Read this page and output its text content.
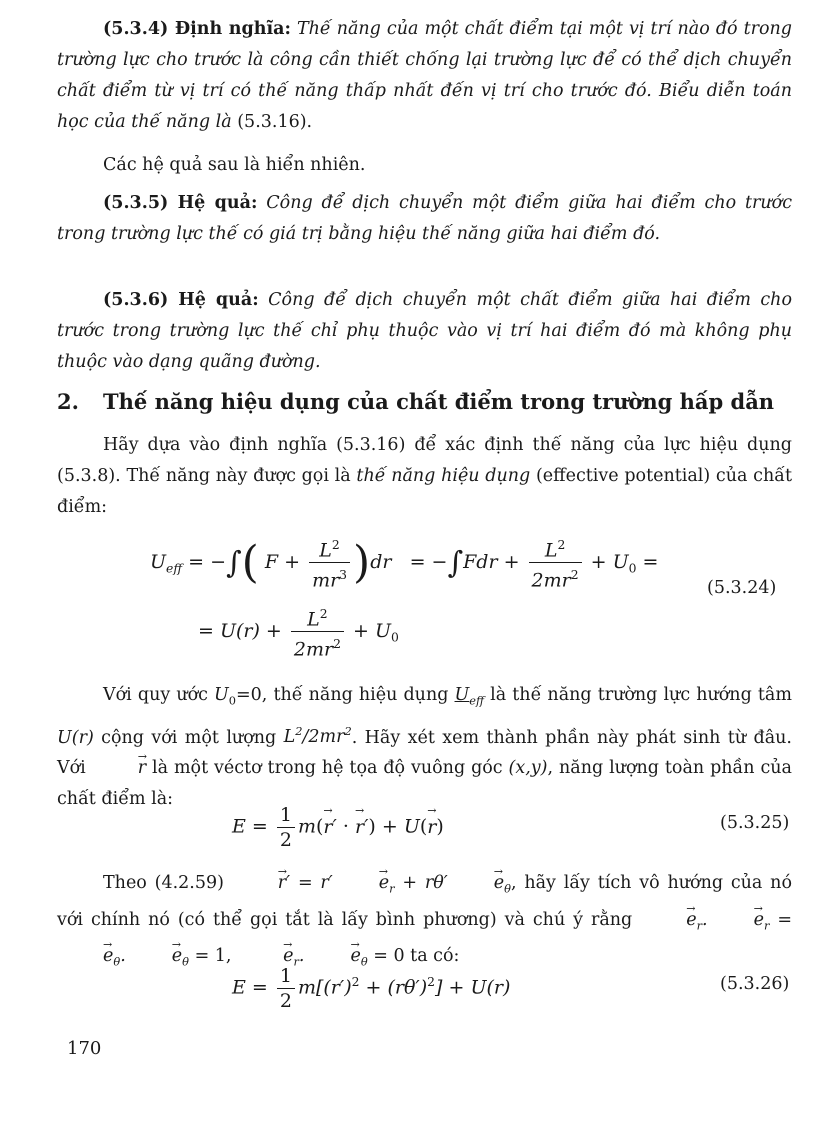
(5.3.4) Định nghĩa: Thế năng của một chất điểm tại một vị trí nào đó trong trường lực cho trước là công cần thiết chống lại trường lực để có thể dịch chuyển chất điểm từ vị trí có thế năng thấp nhất đến vị trí cho trước đó. Biểu diễn toán học của thế năng là (5.3.16).

Các hệ quả sau là hiển nhiên.

(5.3.5) Hệ quả: Công để dịch chuyển một điểm giữa hai điểm cho trước trong trường lực thế có giá trị bằng hiệu thế năng giữa hai điểm đó.

(5.3.6) Hệ quả: Công để dịch chuyển một chất điểm giữa hai điểm cho trước trong trường lực thế chỉ phụ thuộc vào vị trí hai điểm đó mà không phụ thuộc vào dạng quãng đường.

2. Thế năng hiệu dụng của chất điểm trong trường hấp dẫn

Hãy dựa vào định nghĩa (5.3.16) để xác định thế năng của lực hiệu dụng (5.3.8). Thế năng này được gọi là thế năng hiệu dụng (effective potential) của chất điểm:

$U_{eff}$ = −∫( $F + \frac{L^2}{mr^3} )dr = -\int Fdr + \frac{L^2}{2mr^2} + U_0$ =
(5.3.24)
= $U(r) + \frac{L^2}{2mr^2} + U_0$

Với quy ước $U_0=0$, thế năng hiệu dụng $U_{eff}$ là thế năng trường lực hướng tâm U(r) cộng với một lượng $L^2/2mr^2$. Hãy xét xem thành phần này phát sinh từ đâu. Với →	r là một véctơ trong hệ tọa độ vuông góc (x,y), năng lượng toàn phần của chất điểm là:

$E = \frac{1}{2} m(\to r'$ · → r′) + U(→ r)	(5.3.25)

Theo (4.2.59) →	r′ = r′→	$e_r + r\theta'\to$	$e_\theta$, hãy lấy tích vô hướng của nó với chính nó (có thể gọi tắt là lấy bình phương) và chú ý rằng →	$e_r.\to$	$e_r$ = → $e_\theta.\to$	$e_\theta = 1$, →	$e_r.\to$	$e_\theta = 0$ ta có:

$E = \frac{1}{2} m[(r')^2 + (r\theta')^2] + U(r)$	(5.3.26)
170
